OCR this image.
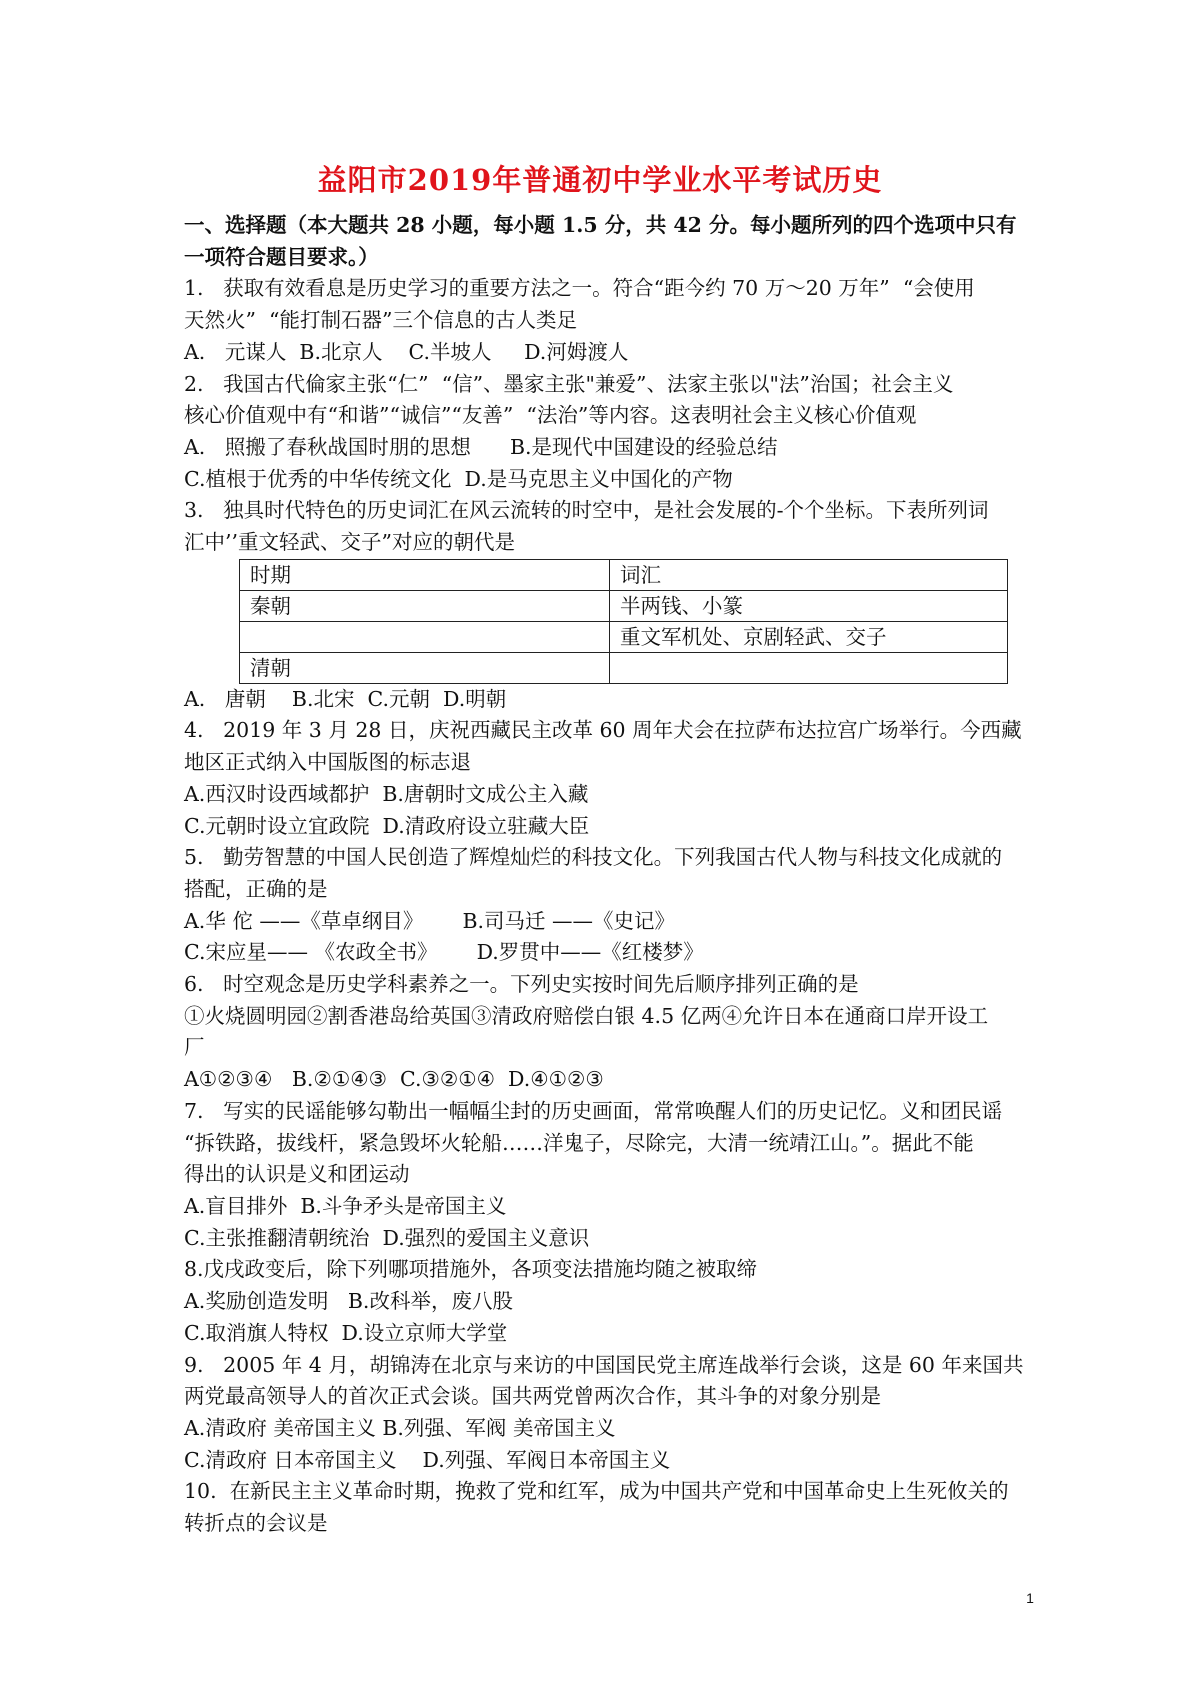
益阳市2019年普通初中学业水平考试历史
一、选择题（本大题共 28 小题，每小题 1.5 分，共 42 分。每小题所列的四个选项中只有
一项符合题目要求。）
1.   获取有效看息是历史学习的重要方法之一。符合“距今约 70 万～20 万年”  “会使用
天然火”  “能打制石器”三个信息的古人类足
A.   元谋人  B.北京人    C.半坡人     D.河姆渡人
2.   我国古代倫家主张“仁”  “信”、墨家主张"兼爱”、法家主张以"法”治国；社会主义
核心价值观中有“和谐”“诚信”“友善”  “法治”等内容。这表明社会主义核心价值观
A.   照搬了春秋战国时朋的思想      B.是现代中国建设的经验总结
C.植根于优秀的中华传统文化  D.是马克思主义中国化的产物
3.   独具时代特色的历史词汇在风云流转的时空中，是社会发展的-个个坐标。下表所列词
汇中’’重文轻武、交子”对应的朝代是
时期	词汇
秦朝	半两钱、小篆
	重文军机处、京剧轻武、交子
清朝	
A.   唐朝    B.北宋  C.元朝  D.明朝
4.   2019 年 3 月 28 日，庆祝西藏民主改革 60 周年犬会在拉萨布达拉宫广场举行。今西藏
地区正式纳入中国版图的标志退
A.西汉时设西域都护  B.唐朝时文成公主入藏
C.元朝时设立宜政院  D.清政府设立驻藏大臣
5.   勤劳智慧的中国人民创造了辉煌灿烂的科技文化。下列我国古代人物与科技文化成就的
搭配，正确的是
A.华 佗 ——《草卓纲目》      B.司马迁 ——《史记》
C.宋应星—— 《农政全书》      D.罗贯中——《红楼梦》
6.   时空观念是历史学科素养之一。下列史实按时间先后顺序排列正确的是
①火烧圆明园②割香港岛给英国③清政府赔偿白银 4.5 亿两④允许日本在通商口岸开设工
厂
A①②③④   B.②①④③  C.③②①④  D.④①②③
7.   写实的民谣能够勾勒出一幅幅尘封的历史画面，常常唤醒人们的历史记忆。义和团民谣
“拆铁路，拔线杆，紧急毁坏火轮船……洋鬼子，尽除完，大清一统靖江山。”。据此不能
得出的认识是义和团运动
A.盲目排外  B.斗争矛头是帝国主义
C.主张推翻清朝统治  D.强烈的爱国主义意识
8.戊戌政变后，除下列哪项措施外，各项变法措施均随之被取缔
A.奖励创造发明   B.改科举，废八股
C.取消旗人特权  D.设立京师大学堂
9.   2005 年 4 月，胡锦涛在北京与来访的中国国民党主席连战举行会谈，这是 60 年来国共
两党最高领导人的首次正式会谈。国共两党曾两次合作，其斗争的对象分别是
A.清政府 美帝国主义 B.列强、军阀 美帝国主义
C.清政府 日本帝国主义    D.列强、军阀日本帝国主义
10.  在新民主主义革命时期，挽救了党和红军，成为中国共产党和中国革命史上生死攸关的
转折点的会议是
1
